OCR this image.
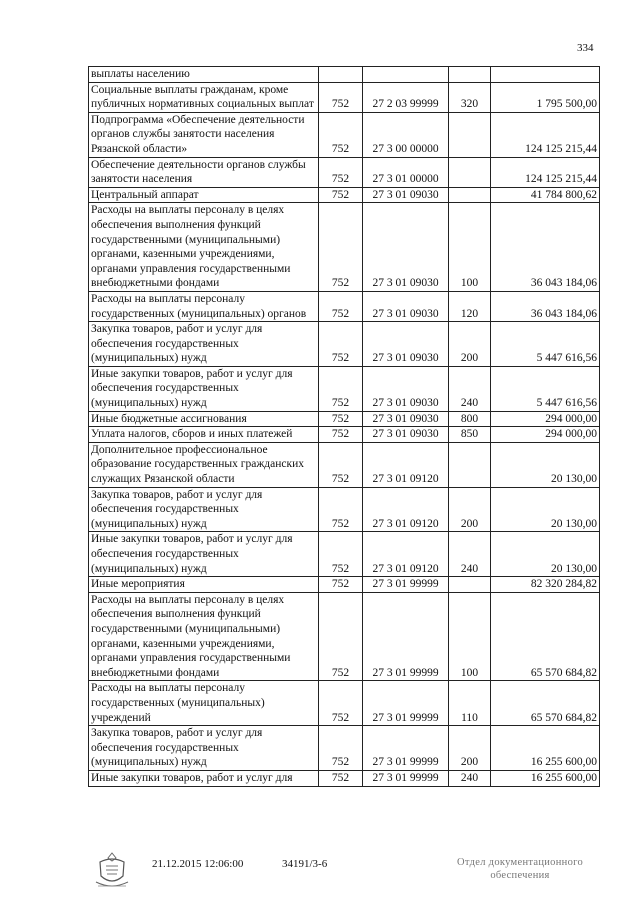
334
выплаты населению				
Социальные выплаты гражданам, кроме публичных нормативных социальных выплат	752	27 2 03 99999	320	1 795 500,00
Подпрограмма «Обеспечение деятельности органов службы занятости населения Рязанской области»	752	27 3 00 00000		124 125 215,44
Обеспечение деятельности органов службы занятости населения	752	27 3 01 00000		124 125 215,44
Центральный аппарат	752	27 3 01 09030		41 784 800,62
Расходы на выплаты персоналу в целях обеспечения выполнения функций государственными (муниципальными) органами, казенными учреждениями, органами управления государственными внебюджетными фондами	752	27 3 01 09030	100	36 043 184,06
Расходы на выплаты персоналу государственных (муниципальных) органов	752	27 3 01 09030	120	36 043 184,06
Закупка товаров, работ и услуг для обеспечения государственных (муниципальных) нужд	752	27 3 01 09030	200	5 447 616,56
Иные закупки товаров, работ и услуг для обеспечения государственных (муниципальных) нужд	752	27 3 01 09030	240	5 447 616,56
Иные бюджетные ассигнования	752	27 3 01 09030	800	294 000,00
Уплата налогов, сборов и иных платежей	752	27 3 01 09030	850	294 000,00
Дополнительное профессиональное образование государственных гражданских служащих Рязанской области	752	27 3 01 09120		20 130,00
Закупка товаров, работ и услуг для обеспечения государственных (муниципальных) нужд	752	27 3 01 09120	200	20 130,00
Иные закупки товаров, работ и услуг для обеспечения государственных (муниципальных) нужд	752	27 3 01 09120	240	20 130,00
Иные мероприятия	752	27 3 01 99999		82 320 284,82
Расходы на выплаты персоналу в целях обеспечения выполнения функций государственными (муниципальными) органами, казенными учреждениями, органами управления государственными внебюджетными фондами	752	27 3 01 99999	100	65 570 684,82
Расходы на выплаты персоналу государственных (муниципальных) учреждений	752	27 3 01 99999	110	65 570 684,82
Закупка товаров, работ и услуг для обеспечения государственных (муниципальных) нужд	752	27 3 01 99999	200	16 255 600,00
Иные закупки товаров, работ и услуг для	752	27 3 01 99999	240	16 255 600,00
21.12.2015 12:06:00	34191/3-6	Отдел документационного обеспечения
